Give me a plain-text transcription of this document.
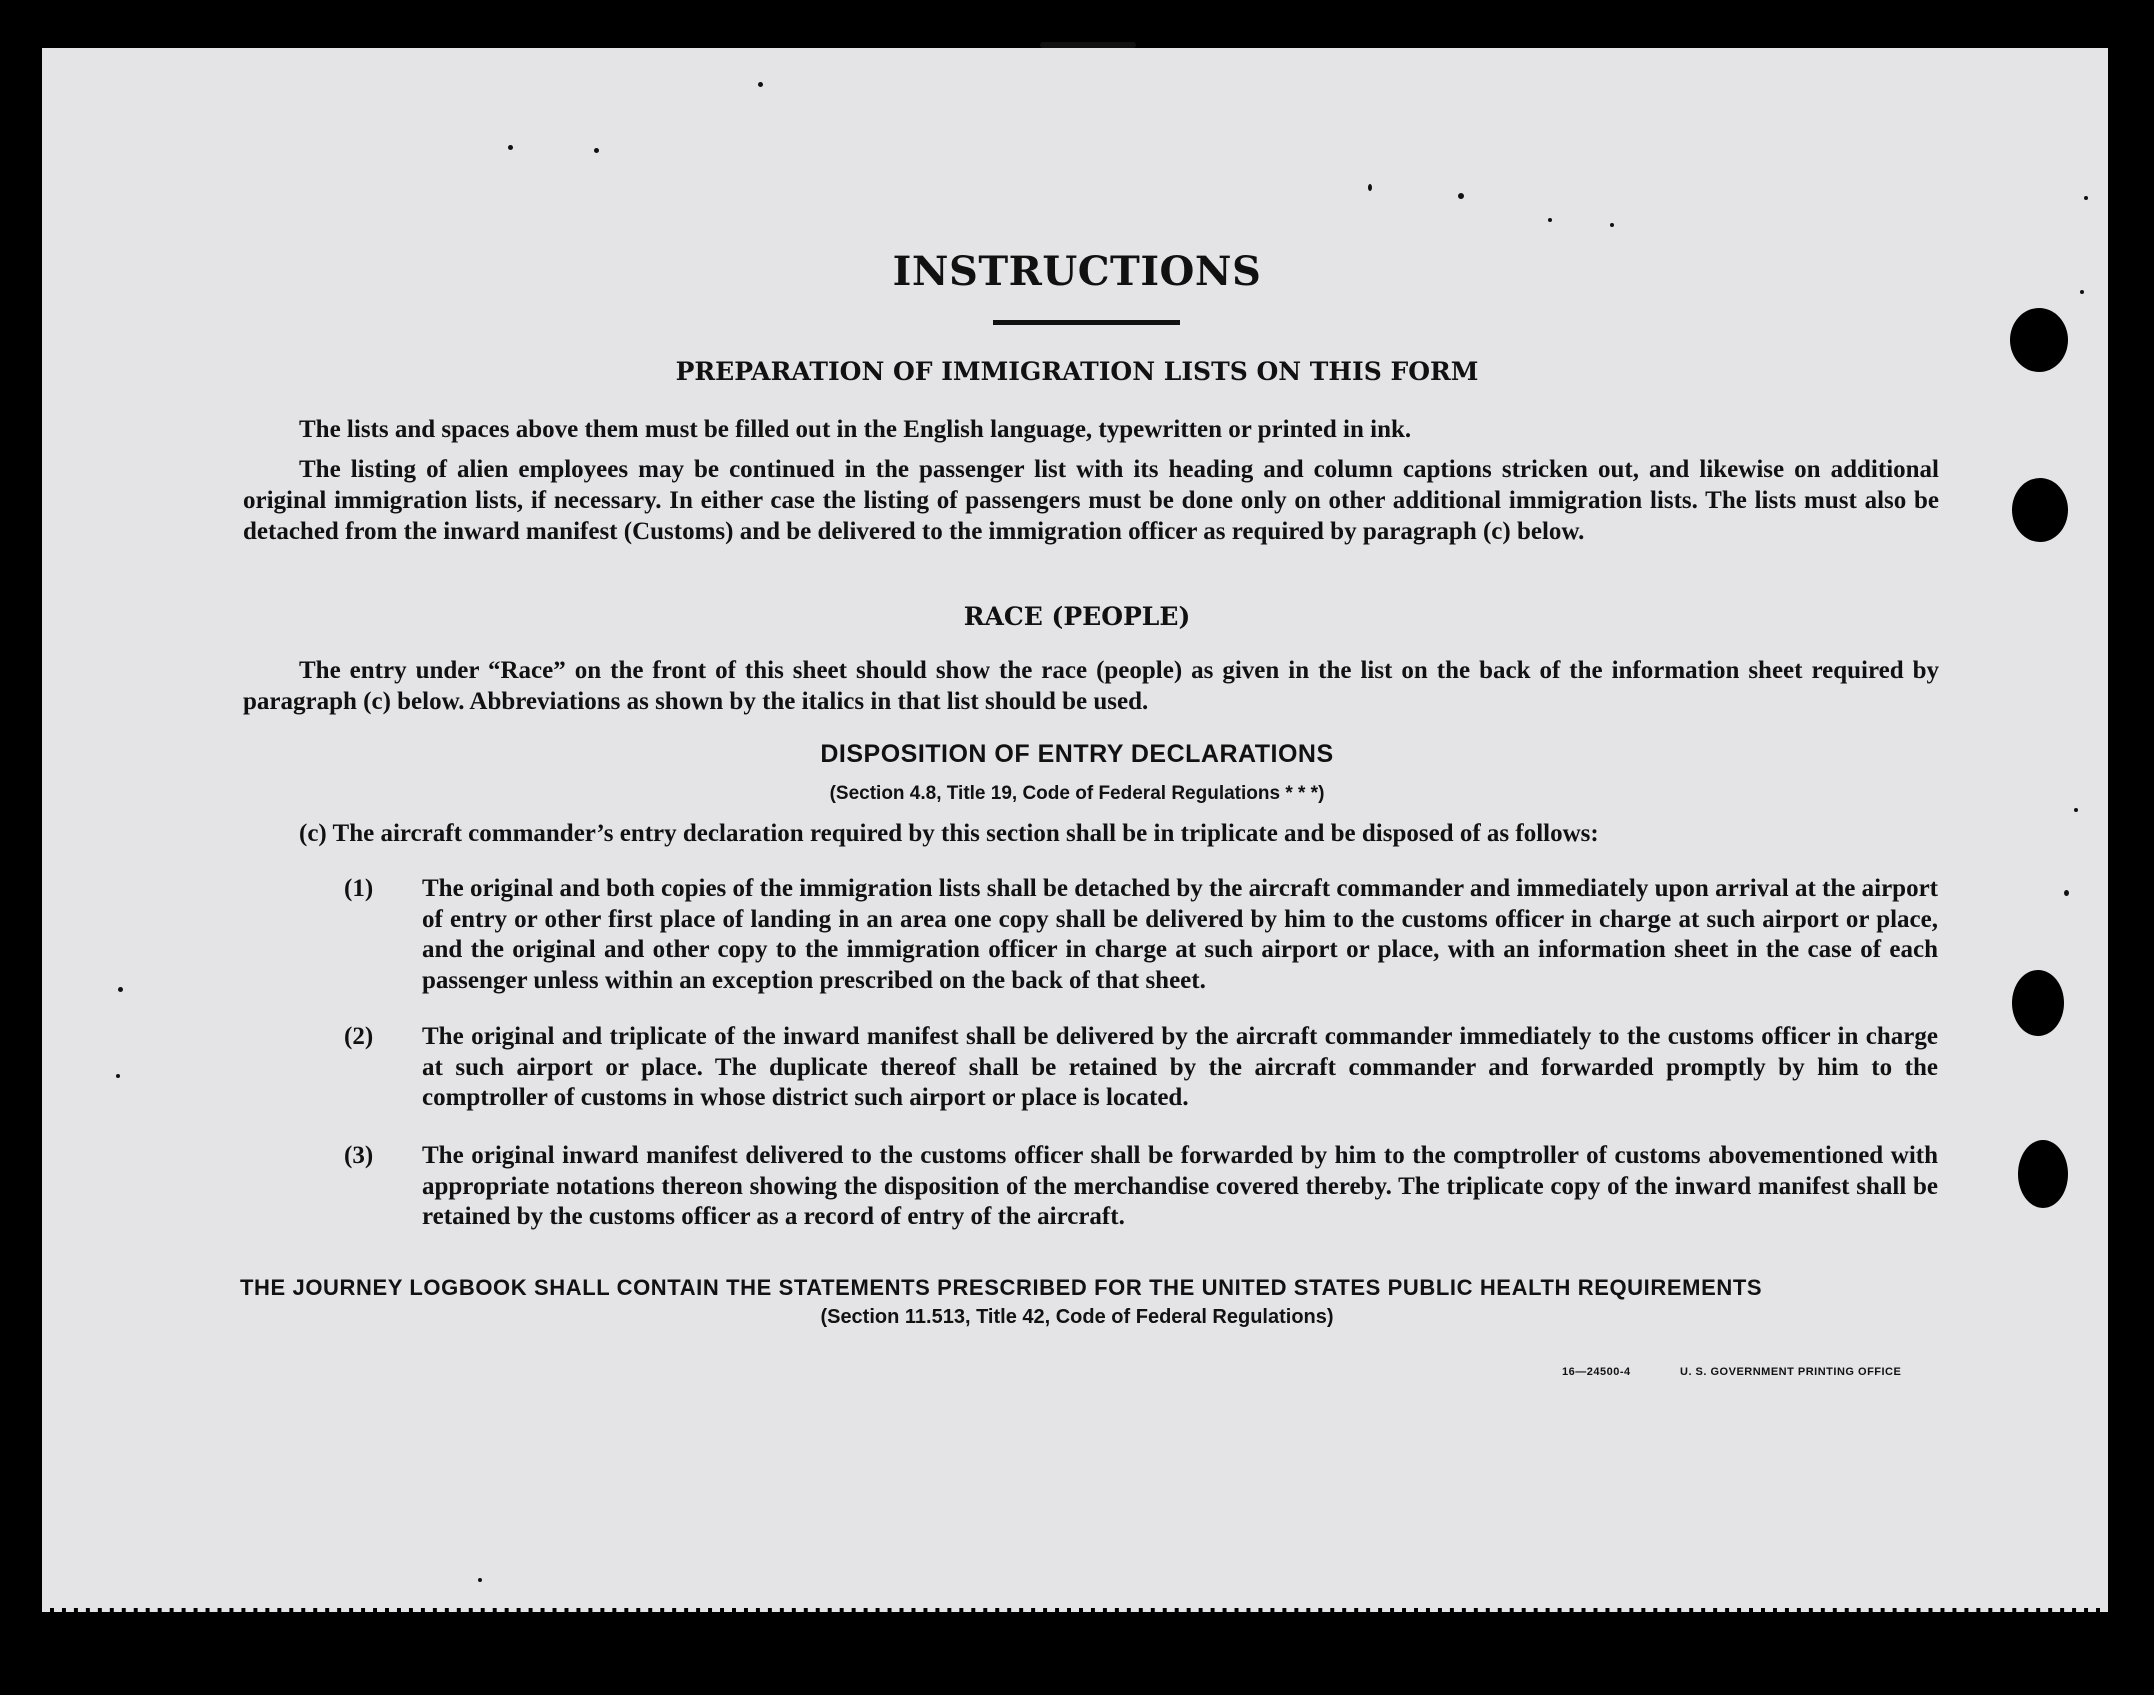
INSTRUCTIONS
PREPARATION OF IMMIGRATION LISTS ON THIS FORM
The lists and spaces above them must be filled out in the English language, typewritten or printed in ink.
The listing of alien employees may be continued in the passenger list with its heading and column captions stricken out, and likewise on additional original immigration lists, if necessary. In either case the listing of passengers must be done only on other additional immigration lists. The lists must also be detached from the inward manifest (Customs) and be delivered to the immigration officer as required by paragraph (c) below.
RACE (PEOPLE)
The entry under “Race” on the front of this sheet should show the race (people) as given in the list on the back of the information sheet required by paragraph (c) below. Abbreviations as shown by the italics in that list should be used.
DISPOSITION OF ENTRY DECLARATIONS
(Section 4.8, Title 19, Code of Federal Regulations * * *)
(c) The aircraft commander’s entry declaration required by this section shall be in triplicate and be disposed of as follows:
(1)	The original and both copies of the immigration lists shall be detached by the aircraft commander and immediately upon arrival at the airport of entry or other first place of landing in an area one copy shall be delivered by him to the customs officer in charge at such airport or place, and the original and other copy to the immigration officer in charge at such airport or place, with an information sheet in the case of each passenger unless within an exception prescribed on the back of that sheet.
(2)	The original and triplicate of the inward manifest shall be delivered by the aircraft commander immediately to the customs officer in charge at such airport or place. The duplicate thereof shall be retained by the aircraft commander and forwarded promptly by him to the comptroller of customs in whose district such airport or place is located.
(3)	The original inward manifest delivered to the customs officer shall be forwarded by him to the comptroller of customs abovementioned with appropriate notations thereon showing the disposition of the merchandise covered thereby. The triplicate copy of the inward manifest shall be retained by the customs officer as a record of entry of the aircraft.
THE JOURNEY LOGBOOK SHALL CONTAIN THE STATEMENTS PRESCRIBED FOR THE UNITED STATES PUBLIC HEALTH REQUIREMENTS
(Section 11.513, Title 42, Code of Federal Regulations)
16—24500-4	U. S. GOVERNMENT PRINTING OFFICE
